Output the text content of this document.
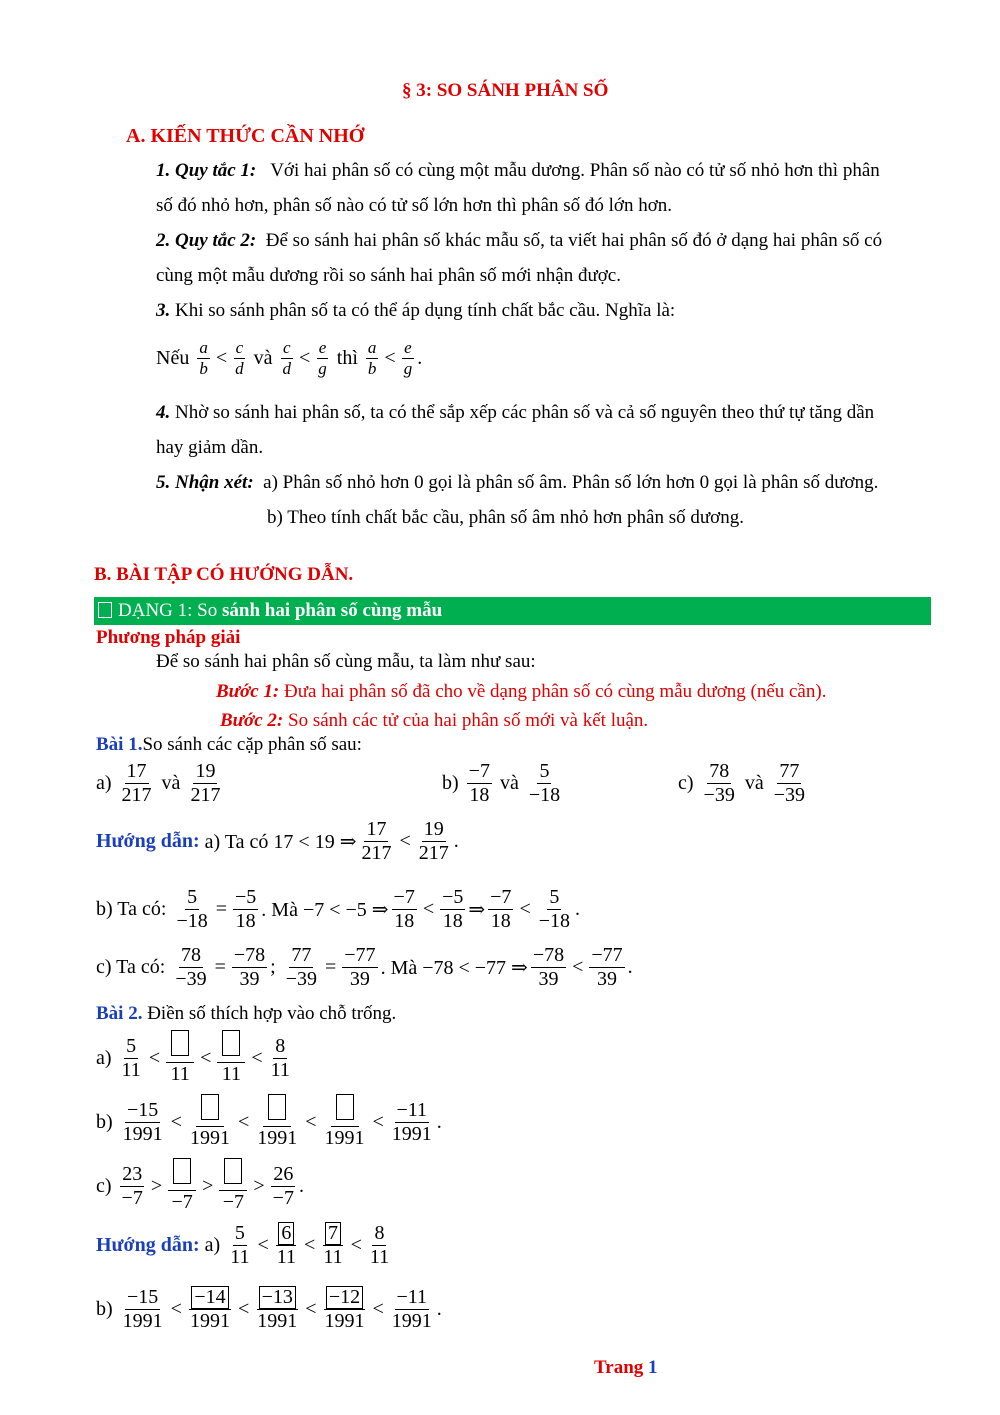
§ 3: SO SÁNH PHÂN SỐ
A. KIẾN THỨC CẦN NHỚ
1. Quy tắc 1: Với hai phân số có cùng một mẫu dương. Phân số nào có tử số nhỏ hơn thì phân
số đó nhỏ hơn, phân số nào có tử số lớn hơn thì phân số đó lớn hơn.
2. Quy tắc 2: Để so sánh hai phân số khác mẫu số, ta viết hai phân số đó ở dạng hai phân số có
cùng một mẫu dương rồi so sánh hai phân số mới nhận được.
3. Khi so sánh phân số ta có thể áp dụng tính chất bắc cầu. Nghĩa là:
Nếu
a
b < c
d
và
c
d < e
g
thì
a
b < e
g .
4. Nhờ so sánh hai phân số, ta có thể sắp xếp các phân số và cả số nguyên theo thứ tự tăng dần
hay giảm dần.
5. Nhận xét: a) Phân số nhỏ hơn 0 gọi là phân số âm. Phân số lớn hơn 0 gọi là phân số dương.
b) Theo tính chất bắc cầu, phân số âm nhỏ hơn phân số dương.
B. BÀI TẬP CÓ HƯỚNG DẪN.
DẠNG 1: So sánh hai phân số cùng mẫu
Phương pháp giải
Để so sánh hai phân số cùng mẫu, ta làm như sau:
Bước 1: Đưa hai phân số đã cho về dạng phân số có cùng mẫu dương (nếu cần).
Bước 2: So sánh các tử của hai phân số mới và kết luận.
Bài 1.So sánh các cặp phân số sau:
a)

17
217

và

19
217
b)

−7
18

và

5
−18
c)

78
−39

và

77
−39
Hướng dẫn:
a) Ta có 17 < 19 ⇒
17
217
<
19
217
.
b) Ta có:
$\frac{5}{-18} = \frac{-5}{18}$ . Mà −7 < −5 ⇒
−7
18
<
−5
18 ⇒
−7
18
<
5
−18
.
c) Ta có:
$\frac{78}{-39} = \frac{-78}{39}$ ;
$\frac{77}{-39} = \frac{-77}{39}$ . Mà −78 < −77 ⇒
−78
39
<
−77
39
.
Bài 2. Điền số thích hợp vào chỗ trống.
a)

5
11
<
11
<
11
<
8
11
b)

−15
1991
<
1991
<
1991
<
1991
<
−11
1991
.
c)

23
−7
>
−7
>
−7
>
26
−7
.
Hướng dẫn:
a)

5
11
<
6
11
<
7
11
<
8
11
b)

−15
1991
<
−14
1991
<
−13
1991
<
−12
1991
<
−11
1991
.
Trang 1
